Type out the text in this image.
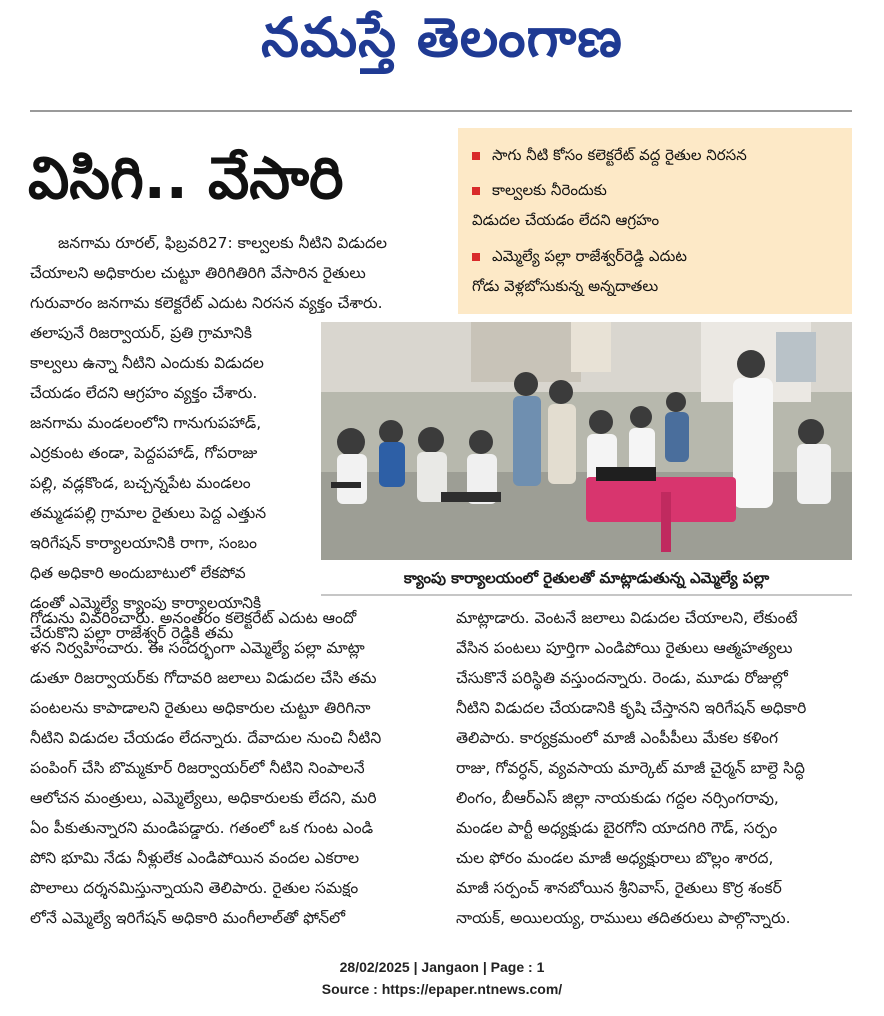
నమస్తే తెలంగాణ
విసిగి.. వేసారి	సాగు నీటి కోసం కలెక్టరేట్ వద్ద రైతుల నిరసన
కాల్వలకు నీరెందుకు
విడుదల చేయడం లేదని ఆగ్రహం
ఎమ్మెల్యే పల్లా రాజేశ్వర్‌రెడ్డి ఎదుట
గోడు వెళ్లబోసుకున్న అన్నదాతలు
జనగామ రూరల్, ఫిబ్రవరి27: కాల్వలకు నీటిని విడుదల
చేయాలని అధికారుల చుట్టూ తిరిగితిరిగి వేసారిన రైతులు
గురువారం జనగామ కలెక్టరేట్ ఎదుట నిరసన వ్యక్తం చేశారు.
తలాపునే రిజర్వాయర్, ప్రతి గ్రామానికి
కాల్వలు ఉన్నా నీటిని ఎందుకు విడుదల
చేయడం లేదని ఆగ్రహం వ్యక్తం చేశారు.
జనగామ మండలంలోని గానుగుపహాడ్,
ఎర్రకుంట తండా, పెద్దపహాడ్, గోపరాజు
పల్లి, వడ్లకొండ, బచ్చన్నపేట మండలం
తమ్మడపల్లి గ్రామాల రైతులు పెద్ద ఎత్తున
ఇరిగేషన్ కార్యాలయానికి రాగా, సంబం
ధిత అధికారి అందుబాటులో లేకపోవ
డంతో ఎమ్మెల్యే క్యాంపు కార్యాలయానికి
చేరుకొని పల్లా రాజేశ్వర్ రెడ్డికి తమ
క్యాంపు కార్యాలయంలో రైతులతో మాట్లాడుతున్న ఎమ్మెల్యే పల్లా
గోడును వివరించారు. అనంతరం కలెక్టరేట్ ఎదుట ఆందో
ళన నిర్వహించారు. ఈ సందర్భంగా ఎమ్మెల్యే పల్లా మాట్లా
డుతూ రిజర్వాయర్‌కు గోదావరి జలాలు విడుదల చేసి తమ
పంటలను కాపాడాలని రైతులు అధికారుల చుట్టూ తిరిగినా
నీటిని విడుదల చేయడం లేదన్నారు. దేవాదుల నుంచి నీటిని
పంపింగ్ చేసి బొమ్మకూర్ రిజర్వాయర్‌లో నీటిని నింపాలనే
ఆలోచన మంత్రులు, ఎమ్మెల్యేలు, అధికారులకు లేదని, మరి
ఏం పీకుతున్నారని మండిపడ్డారు. గతంలో ఒక గుంట ఎండి
పోని భూమి నేడు నీళ్లులేక ఎండిపోయిన వందల ఎకరాల
పొలాలు దర్శనమిస్తున్నాయని తెలిపారు. రైతుల సమక్షం
లోనే ఎమ్మెల్యే ఇరిగేషన్ అధికారి మంగీలాల్‌తో ఫోన్‌లో
మాట్లాడారు. వెంటనే జలాలు విడుదల చేయాలని, లేకుంటే
వేసిన పంటలు పూర్తిగా ఎండిపోయి రైతులు ఆత్మహత్యలు
చేసుకొనే పరిస్థితి వస్తుందన్నారు. రెండు, మూడు రోజుల్లో
నీటిని విడుదల చేయడానికి కృషి చేస్తానని ఇరిగేషన్ అధికారి
తెలిపారు. కార్యక్రమంలో మాజీ ఎంపీపీలు మేకల కళింగ
రాజు, గోవర్ధన్, వ్యవసాయ మార్కెట్ మాజీ చైర్మన్ బాల్దె సిద్ధి
లింగం, బీఆర్ఎస్ జిల్లా నాయకుడు గద్దల నర్సింగరావు,
మండల పార్టీ అధ్యక్షుడు బైరగోని యాదగిరి గౌడ్, సర్పం
చుల ఫోరం మండల మాజీ అధ్యక్షురాలు బొల్లం శారద,
మాజీ సర్పంచ్ శానబోయిన శ్రీనివాస్, రైతులు కొర్ర శంకర్
నాయక్, అయిలయ్య, రాములు తదితరులు పాల్గొన్నారు.
28/02/2025 | Jangaon | Page : 1
Source : https://epaper.ntnews.com/
